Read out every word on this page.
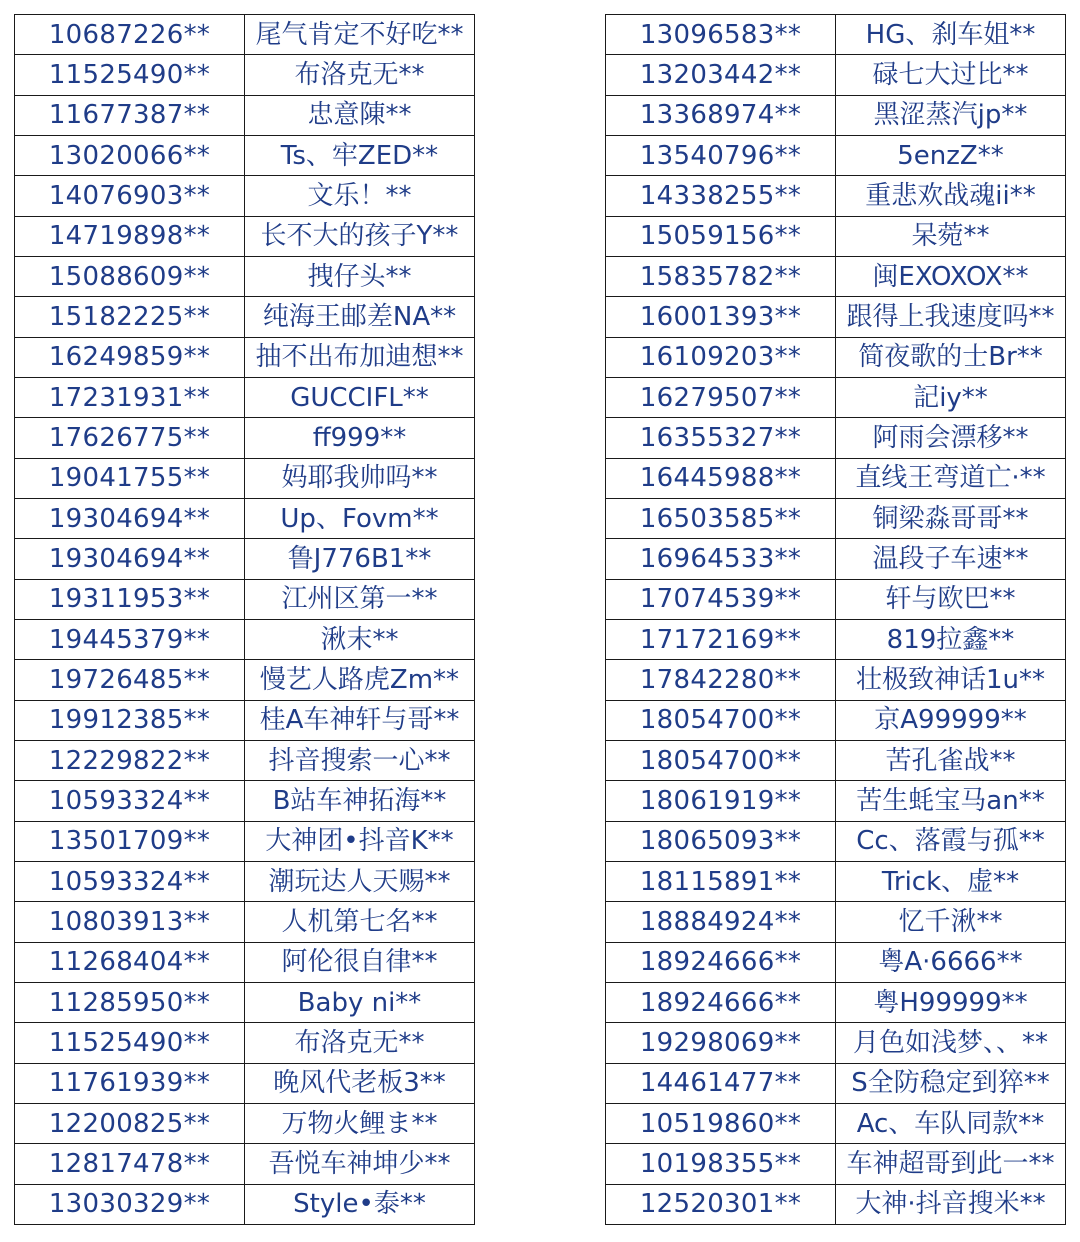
10687226**	尾气肯定不好吃**
11525490**	布洛克无**
11677387**	忠意陳**
13020066**	Ts、牢ZED**
14076903**	文乐！**
14719898**	长不大的孩子Y**
15088609**	拽仔头**
15182225**	纯海王邮差NA**
16249859**	抽不出布加迪想**
17231931**	GUCCIFL**
17626775**	ff999**
19041755**	妈耶我帅吗**
19304694**	Up、Fovm**
19304694**	鲁J776B1**
19311953**	江州区第一**
19445379**	湫末**
19726485**	慢艺人路虎Zm**
19912385**	桂A车神轩与哥**
12229822**	抖音搜索一心**
10593324**	B站车神拓海**
13501709**	大神团•抖音K**
10593324**	潮玩达人天赐**
10803913**	人机第七名**
11268404**	阿伦很自律**
11285950**	Baby ni**
11525490**	布洛克无**
11761939**	晚风代老板3**
12200825**	万物火鲤ま**
12817478**	吾悦车神坤少**
13030329**	Style•泰**
13096583**	HG、刹车姐**
13203442**	碌七大过比**
13368974**	黑涩蒸汽jp**
13540796**	5enzZ**
14338255**	重悲欢战魂ii**
15059156**	呆菀**
15835782**	闽EXOXOX**
16001393**	跟得上我速度吗**
16109203**	简夜歌的士Br**
16279507**	記iy**
16355327**	阿雨会漂移**
16445988**	直线王弯道亡·**
16503585**	铜梁淼哥哥**
16964533**	温段子车速**
17074539**	轩与欧巴**
17172169**	819拉鑫**
17842280**	壮极致神话1u**
18054700**	京A99999**
18054700**	苦孔雀战**
18061919**	苦生蚝宝马an**
18065093**	Cc、落霞与孤**
18115891**	Trick、虚**
18884924**	忆千湫**
18924666**	粤A·6666**
18924666**	粤H99999**
19298069**	月色如浅梦、、**
14461477**	S全防稳定到猝**
10519860**	Ac、车队同款**
10198355**	车神超哥到此一**
12520301**	大神·抖音搜米**
